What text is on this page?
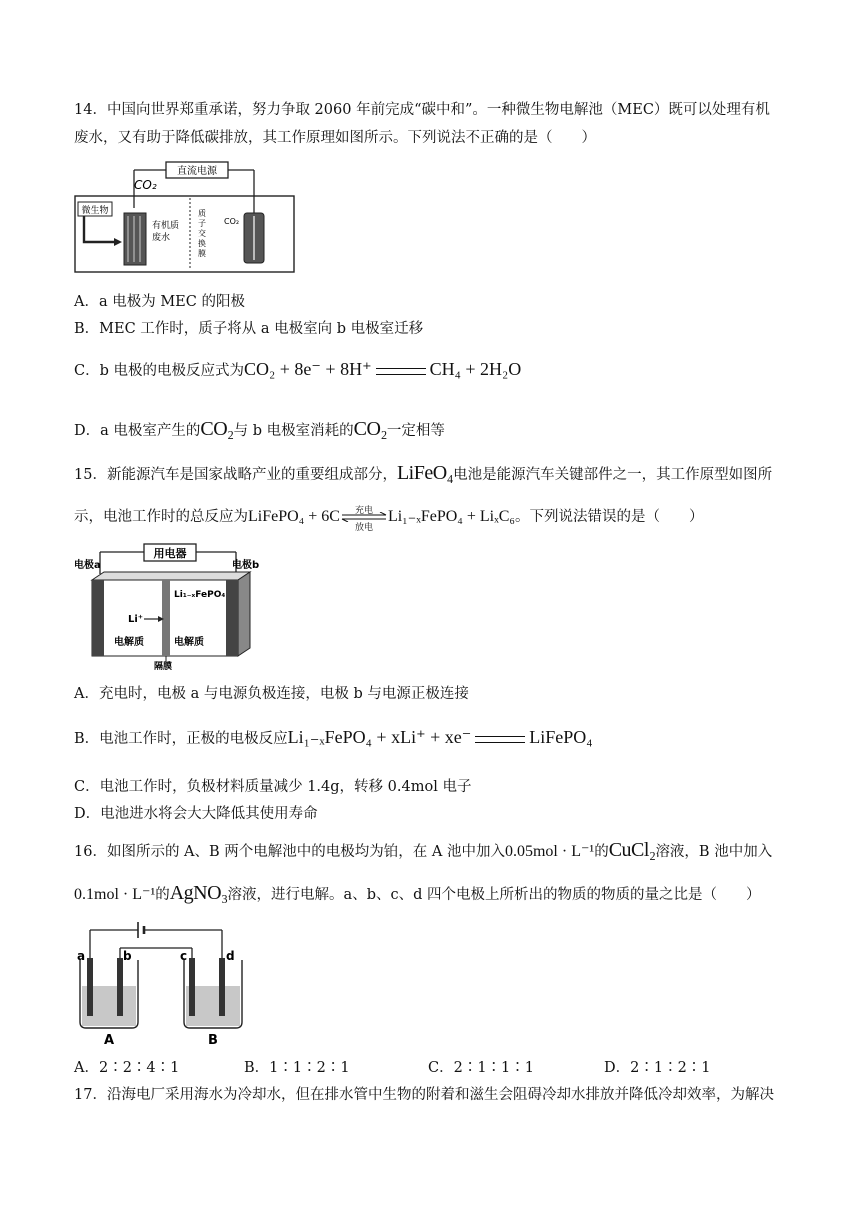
14．中国向世界郑重承诺，努力争取 2060 年前完成“碳中和”。一种微生物电解池（MEC）既可以处理有机
废水，又有助于降低碳排放，其工作原理如图所示。下列说法不正确的是（　　）
直流电源
CO₂
微生物
有机质
废水
质
子
交
换
膜
CO₂
A．a 电极为 MEC 的阳极
B．MEC 工作时，质子将从 a 电极室向 b 电极室迁移
C．b 电极的电极反应式为CO₂ + 8e⁻ + 8H⁺	CH₄ + 2H₂O
D．a 电极室产生的CO₂与 b 电极室消耗的CO₂一定相等
15．新能源汽车是国家战略产业的重要组成部分，LiFeO₄电池是能源汽车关键部件之一，其工作原型如图所
示，电池工作时的总反应为LiFePO₄ + 6C	充电
放电
Li₁₋ₓFePO₄ + LiₓC₆。下列说法错误的是（　　）
用电器
电极a	电极b
Li₁₋ₓFePO₄
Li⁺
电解质	电解质
隔膜
A．充电时，电极 a 与电源负极连接，电极 b 与电源正极连接
B．电池工作时，正极的电极反应Li₁₋ₓFePO₄ + xLi⁺ + xe⁻	LiFePO₄
C．电池工作时，负极材料质量减少 1.4g，转移 0.4mol 电子
D．电池进水将会大大降低其使用寿命
16．如图所示的 A、B 两个电解池中的电极均为铂，在 A 池中加入0.05mol · L⁻¹的CuCl₂溶液，B 池中加入
0.1mol · L⁻¹的AgNO₃溶液，进行电解。a、b、c、d 四个电极上所析出的物质的物质的量之比是（　　）
a	b	c	d
A	B
A．2∶2∶4∶1	B．1∶1∶2∶1	C．2∶1∶1∶1	D．2∶1∶2∶1
17．沿海电厂采用海水为冷却水，但在排水管中生物的附着和滋生会阻碍冷却水排放并降低冷却效率，为解决
